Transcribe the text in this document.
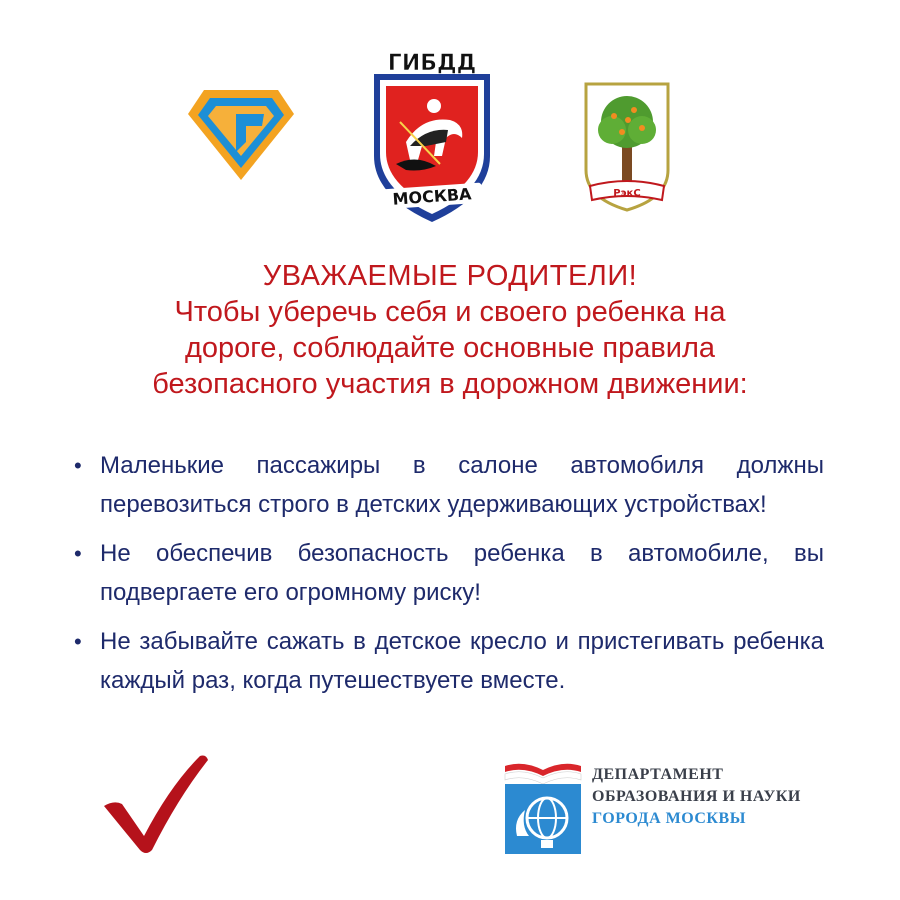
ГИБДД
МОСКВА	РэкС
УВАЖАЕМЫЕ РОДИТЕЛИ!
Чтобы уберечь себя и своего ребенка на
дороге, соблюдайте основные правила
безопасного участия в дорожном движении:
• Маленькие пассажиры в салоне автомобиля должны перевозиться строго в детских удерживающих устройствах!
• Не обеспечив безопасность ребенка в автомобиле, вы подвергаете его огромному риску!
• Не забывайте сажать в детское кресло и пристегивать ребенка каждый раз, когда путешествуете вместе.
ДЕПАРТАМЕНТ
ОБРАЗОВАНИЯ И НАУКИ
ГОРОДА МОСКВЫ
